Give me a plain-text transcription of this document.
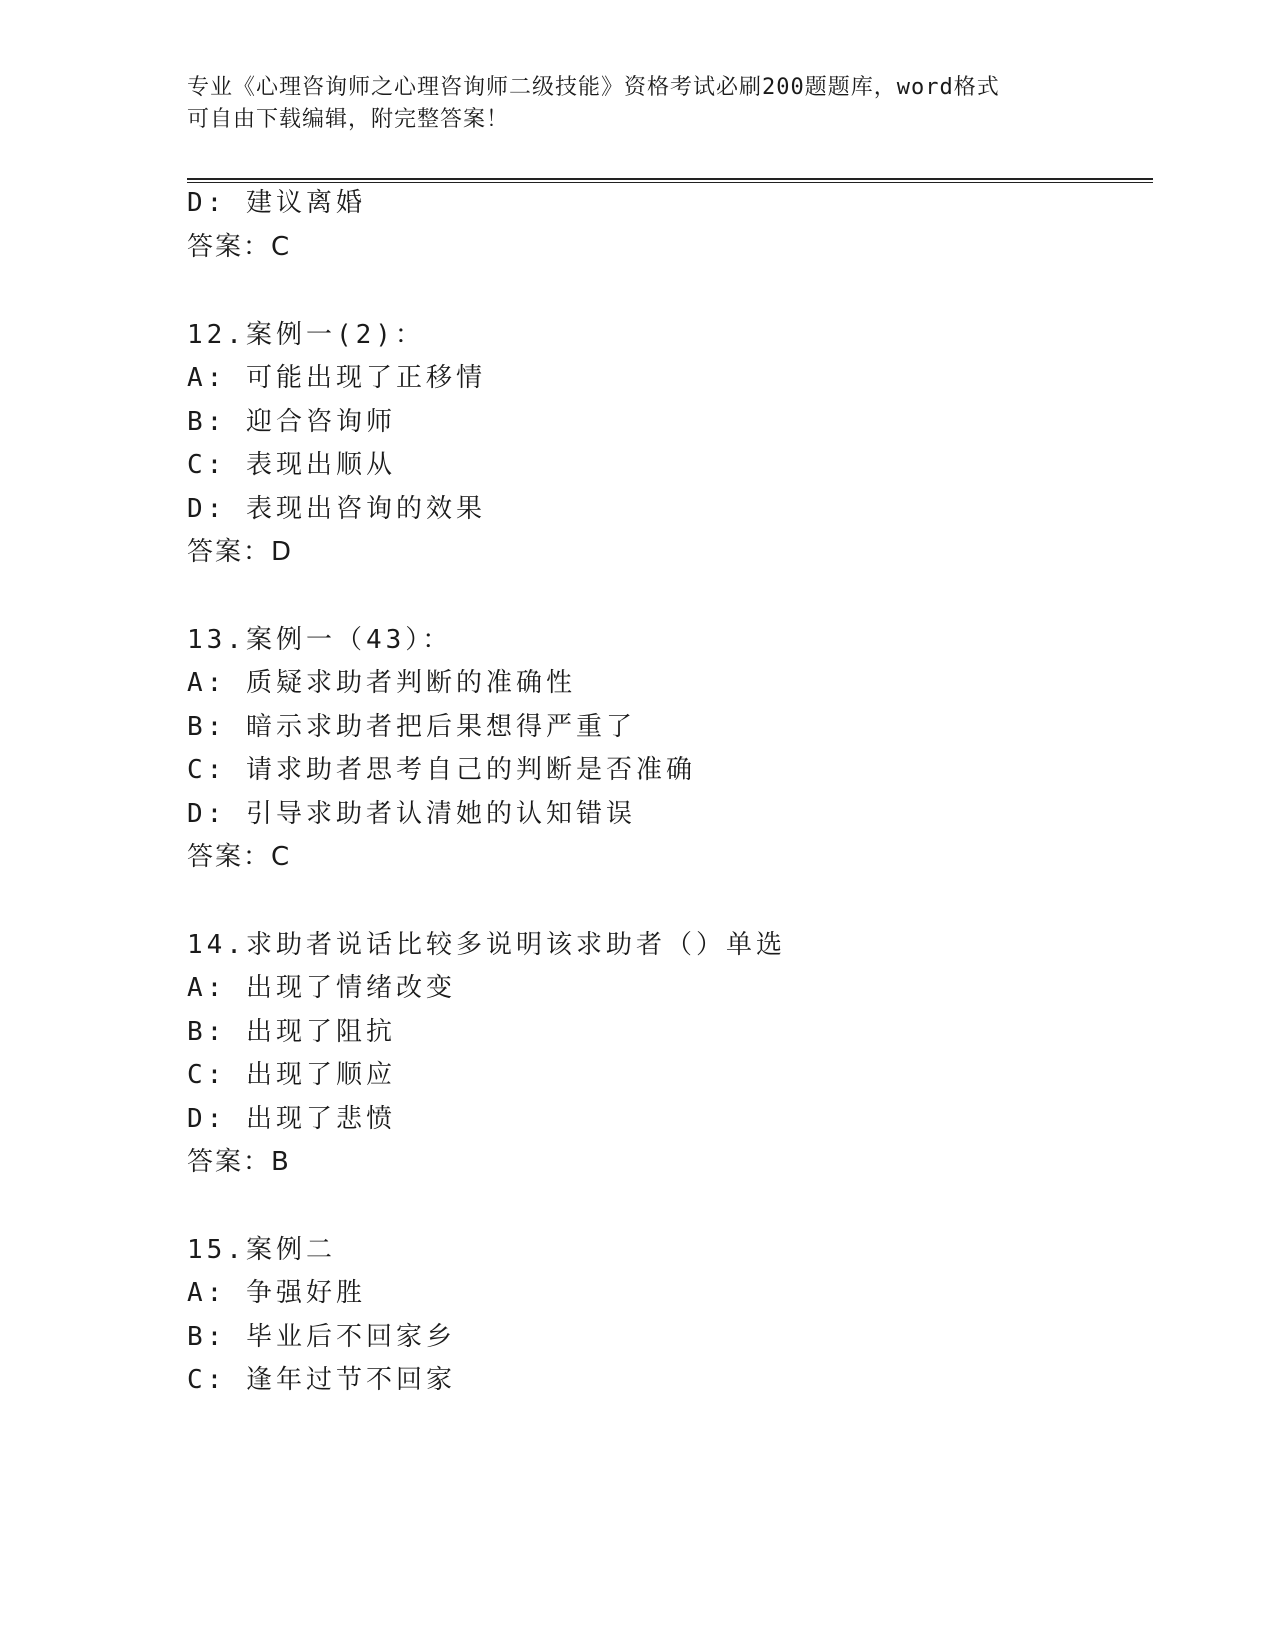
专业《心理咨询师之心理咨询师二级技能》资格考试必刷200题题库，word格式
可自由下载编辑，附完整答案！
D: 建议离婚
答案：C
12.案例一(2)：
A: 可能出现了正移情
B: 迎合咨询师
C: 表现出顺从
D: 表现出咨询的效果
答案：D
13.案例一（43）：
A: 质疑求助者判断的准确性
B: 暗示求助者把后果想得严重了
C: 请求助者思考自己的判断是否准确
D: 引导求助者认清她的认知错误
答案：C
14.求助者说话比较多说明该求助者（）单选
A: 出现了情绪改变
B: 出现了阻抗
C: 出现了顺应
D: 出现了悲愤
答案：B
15.案例二
A: 争强好胜
B: 毕业后不回家乡
C: 逢年过节不回家
